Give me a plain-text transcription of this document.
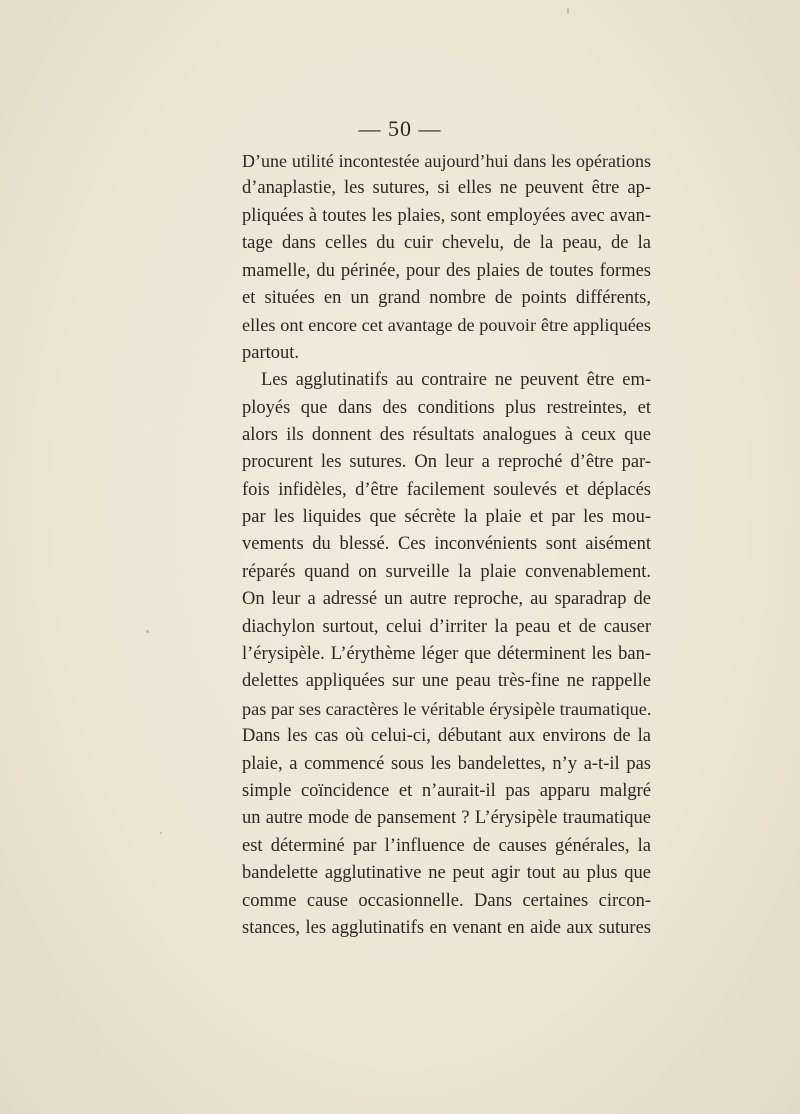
— 50 —
D’une utilité incontestée aujourd’hui dans les opérations
d’anaplastie, les sutures, si elles ne peuvent être ap-
pliquées à toutes les plaies, sont employées avec avan-
tage dans celles du cuir chevelu, de la peau, de la
mamelle, du périnée, pour des plaies de toutes formes
et situées en un grand nombre de points différents,
elles ont encore cet avantage de pouvoir être appliquées
partout.
Les agglutinatifs au contraire ne peuvent être em-
ployés que dans des conditions plus restreintes, et
alors ils donnent des résultats analogues à ceux que
procurent les sutures. On leur a reproché d’être par-
fois infidèles, d’être facilement soulevés et déplacés
par les liquides que sécrète la plaie et par les mou-
vements du blessé. Ces inconvénients sont aisément
réparés quand on surveille la plaie convenablement.
On leur a adressé un autre reproche, au sparadrap de
diachylon surtout, celui d’irriter la peau et de causer
l’érysipèle. L’érythème léger que déterminent les ban-
delettes appliquées sur une peau très-fine ne rappelle
pas par ses caractères le véritable érysipèle traumatique.
Dans les cas où celui-ci, débutant aux environs de la
plaie, a commencé sous les bandelettes, n’y a-t-il pas
simple coïncidence et n’aurait-il pas apparu malgré
un autre mode de pansement ? L’érysipèle traumatique
est déterminé par l’influence de causes générales, la
bandelette agglutinative ne peut agir tout au plus que
comme cause occasionnelle. Dans certaines circon-
stances, les agglutinatifs en venant en aide aux sutures
